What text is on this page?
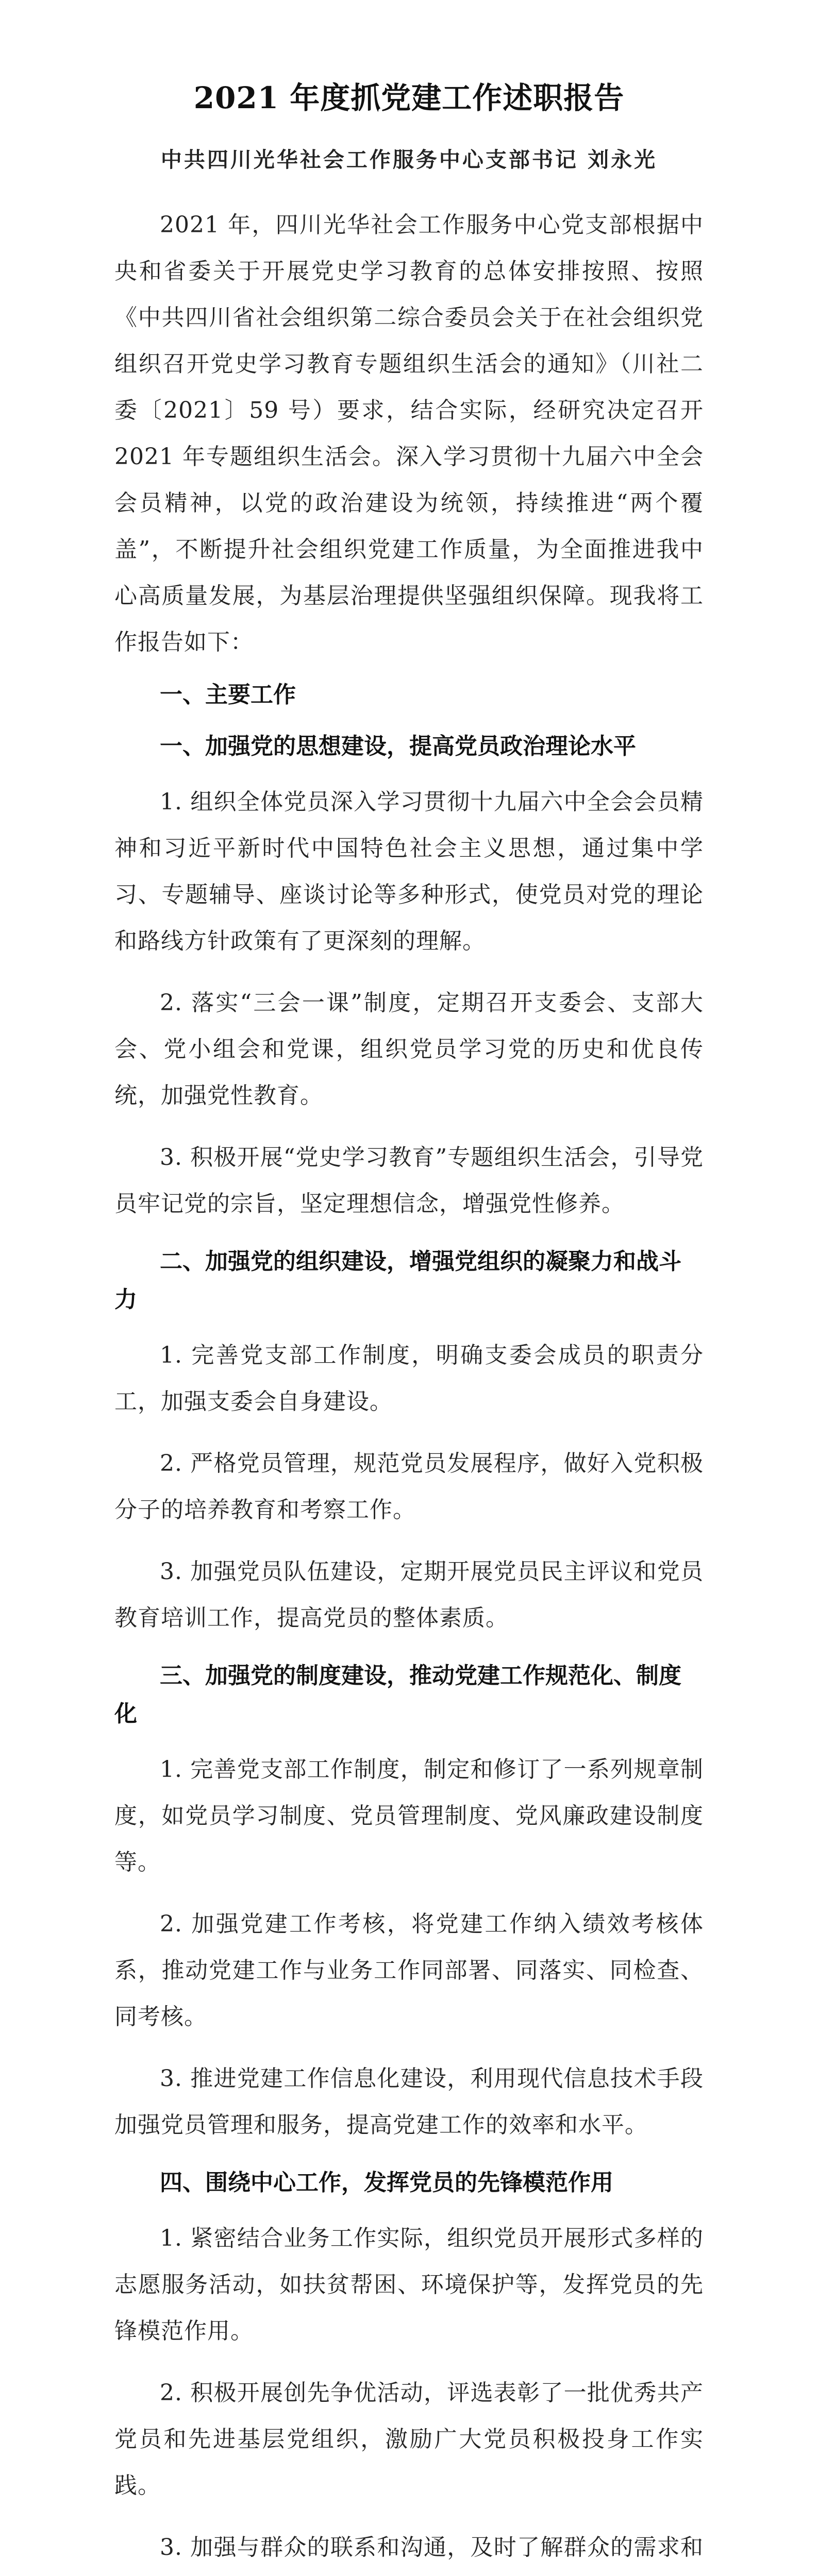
2021 年度抓党建工作述职报告
中共四川光华社会工作服务中心支部书记 刘永光

2021 年，四川光华社会工作服务中心党支部根据中央和省委关于开展党史学习教育的总体安排按照、按照《中共四川省社会组织第二综合委员会关于在社会组织党组织召开党史学习教育专题组织生活会的通知》（川社二委〔2021〕59 号）要求，结合实际，经研究决定召开 2021 年专题组织生活会。深入学习贯彻十九届六中全会会员精神，以党的政治建设为统领，持续推进“两个覆盖”，不断提升社会组织党建工作质量，为全面推进我中心高质量发展，为基层治理提供坚强组织保障。现我将工作报告如下：

一、主要工作
一、加强党的思想建设，提高党员政治理论水平

1. 组织全体党员深入学习贯彻十九届六中全会会员精神和习近平新时代中国特色社会主义思想，通过集中学习、专题辅导、座谈讨论等多种形式，使党员对党的理论和路线方针政策有了更深刻的理解。

2. 落实“三会一课”制度，定期召开支委会、支部大会、党小组会和党课，组织党员学习党的历史和优良传统，加强党性教育。

3. 积极开展“党史学习教育”专题组织生活会，引导党员牢记党的宗旨，坚定理想信念，增强党性修养。

二、加强党的组织建设，增强党组织的凝聚力和战斗力

1. 完善党支部工作制度，明确支委会成员的职责分工，加强支委会自身建设。

2. 严格党员管理，规范党员发展程序，做好入党积极分子的培养教育和考察工作。

3. 加强党员队伍建设，定期开展党员民主评议和党员教育培训工作，提高党员的整体素质。

三、加强党的制度建设，推动党建工作规范化、制度化

1. 完善党支部工作制度，制定和修订了一系列规章制度，如党员学习制度、党员管理制度、党风廉政建设制度等。

2. 加强党建工作考核，将党建工作纳入绩效考核体系，推动党建工作与业务工作同部署、同落实、同检查、同考核。

3. 推进党建工作信息化建设，利用现代信息技术手段加强党员管理和服务，提高党建工作的效率和水平。

四、围绕中心工作，发挥党员的先锋模范作用

1. 紧密结合业务工作实际，组织党员开展形式多样的志愿服务活动，如扶贫帮困、环境保护等，发挥党员的先锋模范作用。

2. 积极开展创先争优活动，评选表彰了一批优秀共产党员和先进基层党组织，激励广大党员积极投身工作实践。

3. 加强与群众的联系和沟通，及时了解群众的需求和
